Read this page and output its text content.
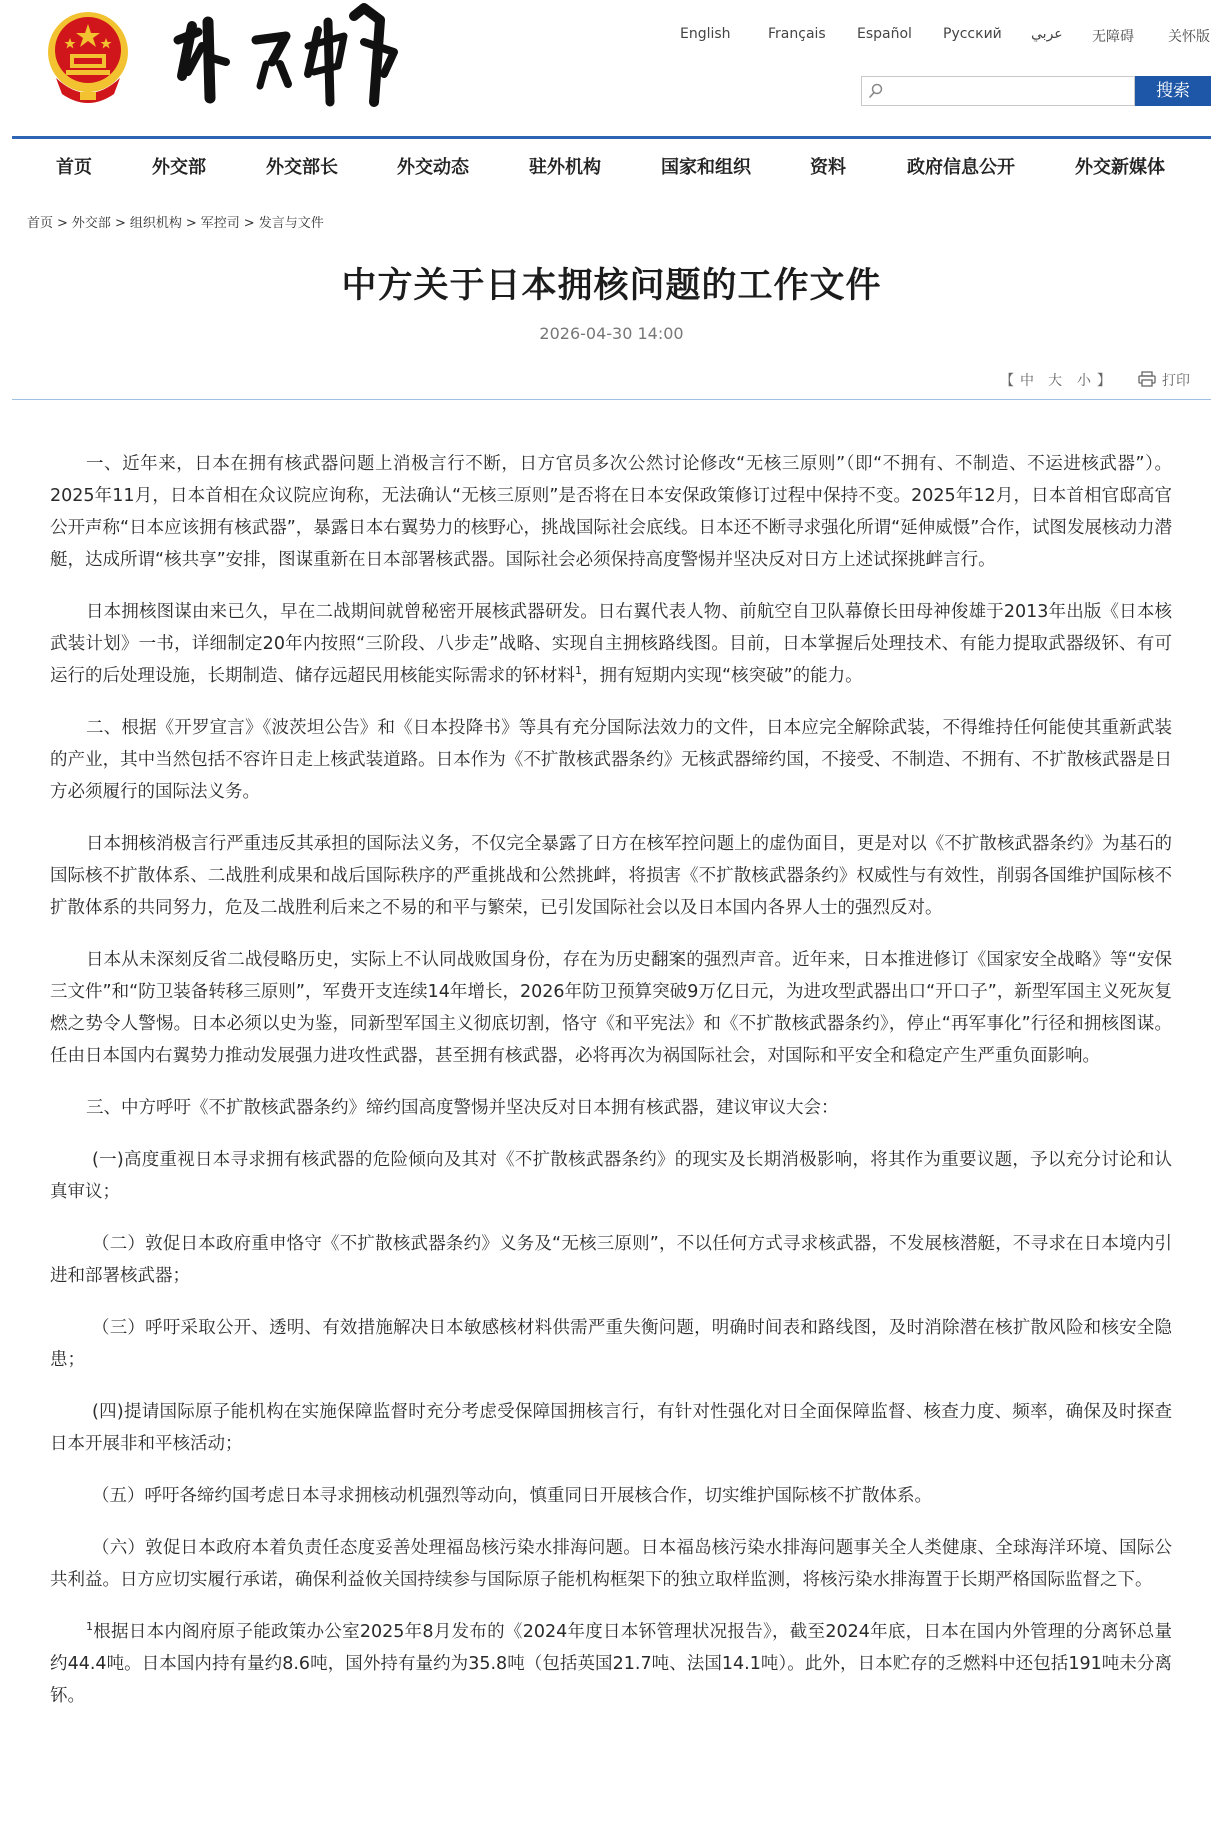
English	Français Español Русский عربي 无障碍 关怀版
搜索
首页	外交部	外交部长	外交动态	驻外机构	国家和组织	资料	政府信息公开	外交新媒体
首页 > 外交部 > 组织机构 > 军控司 > 发言与文件
中方关于日本拥核问题的工作文件
2026-04-30 14:00
【 中 大 小 】	打印

一、近年来，日本在拥有核武器问题上消极言行不断，日方官员多次公然讨论修改“无核三原则”（即“不拥有、不制造、不运进核武器”）。2025年11月，日本首相在众议院应询称，无法确认“无核三原则”是否将在日本安保政策修订过程中保持不变。2025年12月，日本首相官邸高官公开声称“日本应该拥有核武器”，暴露日本右翼势力的核野心，挑战国际社会底线。日本还不断寻求强化所谓“延伸威慑”合作，试图发展核动力潜艇，达成所谓“核共享”安排，图谋重新在日本部署核武器。国际社会必须保持高度警惕并坚决反对日方上述试探挑衅言行。

日本拥核图谋由来已久，早在二战期间就曾秘密开展核武器研发。日右翼代表人物、前航空自卫队幕僚长田母神俊雄于2013年出版《日本核武装计划》一书，详细制定20年内按照“三阶段、八步走”战略、实现自主拥核路线图。目前，日本掌握后处理技术、有能力提取武器级钚、有可运行的后处理设施，长期制造、储存远超民用核能实际需求的钚材料$^1$，拥有短期内实现“核突破”的能力。

二、根据《开罗宣言》《波茨坦公告》和《日本投降书》等具有充分国际法效力的文件，日本应完全解除武装，不得维持任何能使其重新武装的产业，其中当然包括不容许日走上核武装道路。日本作为《不扩散核武器条约》无核武器缔约国，不接受、不制造、不拥有、不扩散核武器是日方必须履行的国际法义务。

日本拥核消极言行严重违反其承担的国际法义务，不仅完全暴露了日方在核军控问题上的虚伪面目，更是对以《不扩散核武器条约》为基石的国际核不扩散体系、二战胜利成果和战后国际秩序的严重挑战和公然挑衅，将损害《不扩散核武器条约》权威性与有效性，削弱各国维护国际核不扩散体系的共同努力，危及二战胜利后来之不易的和平与繁荣，已引发国际社会以及日本国内各界人士的强烈反对。

日本从未深刻反省二战侵略历史，实际上不认同战败国身份，存在为历史翻案的强烈声音。近年来，日本推进修订《国家安全战略》等“安保三文件”和“防卫装备转移三原则”，军费开支连续14年增长，2026年防卫预算突破9万亿日元，为进攻型武器出口“开口子”，新型军国主义死灰复燃之势令人警惕。日本必须以史为鉴，同新型军国主义彻底切割，恪守《和平宪法》和《不扩散核武器条约》，停止“再军事化”行径和拥核图谋。任由日本国内右翼势力推动发展强力进攻性武器，甚至拥有核武器，必将再次为祸国际社会，对国际和平安全和稳定产生严重负面影响。

三、中方呼吁《不扩散核武器条约》缔约国高度警惕并坚决反对日本拥有核武器，建议审议大会：

(一)高度重视日本寻求拥有核武器的危险倾向及其对《不扩散核武器条约》的现实及长期消极影响，将其作为重要议题，予以充分讨论和认真审议；

（二）敦促日本政府重申恪守《不扩散核武器条约》义务及“无核三原则”，不以任何方式寻求核武器，不发展核潜艇，不寻求在日本境内引进和部署核武器；

（三）呼吁采取公开、透明、有效措施解决日本敏感核材料供需严重失衡问题，明确时间表和路线图，及时消除潜在核扩散风险和核安全隐患；

(四)提请国际原子能机构在实施保障监督时充分考虑受保障国拥核言行，有针对性强化对日全面保障监督、核查力度、频率，确保及时探查日本开展非和平核活动；

（五）呼吁各缔约国考虑日本寻求拥核动机强烈等动向，慎重同日开展核合作，切实维护国际核不扩散体系。

（六）敦促日本政府本着负责任态度妥善处理福岛核污染水排海问题。日本福岛核污染水排海问题事关全人类健康、全球海洋环境、国际公共利益。日方应切实履行承诺，确保利益攸关国持续参与国际原子能机构框架下的独立取样监测，将核污染水排海置于长期严格国际监督之下。

$^1$根据日本内阁府原子能政策办公室2025年8月发布的《2024年度日本钚管理状况报告》，截至2024年底，日本在国内外管理的分离钚总量约44.4吨。日本国内持有量约8.6吨，国外持有量约为35.8吨（包括英国21.7吨、法国14.1吨）。此外，日本贮存的乏燃料中还包括191吨未分离钚。
